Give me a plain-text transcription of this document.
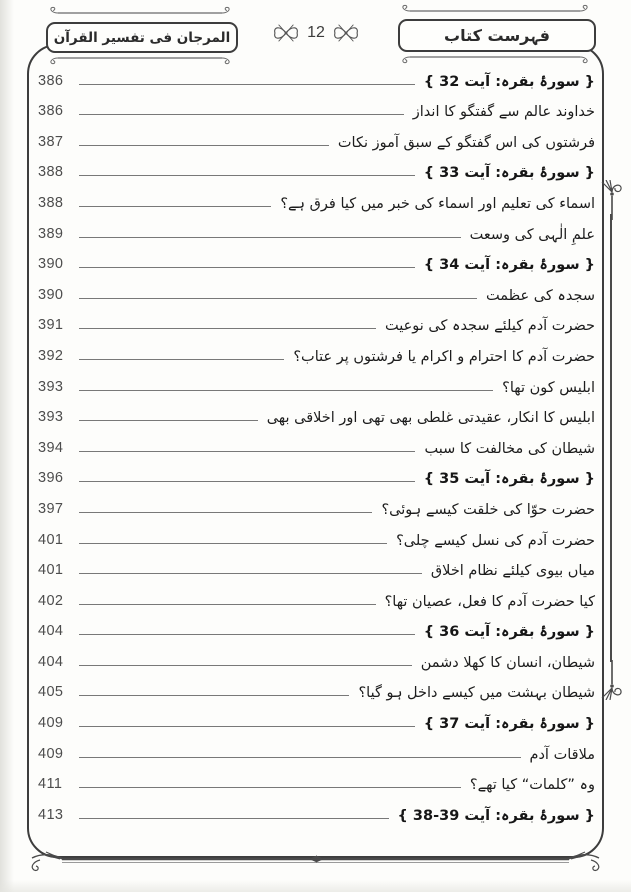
المرجان فی تفسیر القرآن	فہرست کتاب
12
386	{ سورۂ بقرہ: آیت 32 }
386	خداوند عالم سے گفتگو کا انداز
387	فرشتوں کی اس گفتگو کے سبق آموز نکات
388	{ سورۂ بقرہ: آیت 33 }
388	اسماء کی تعلیم اور اسماء کی خبر میں کیا فرق ہے؟
389	علمِ الٰہی کی وسعت
390	{ سورۂ بقرہ: آیت 34 }
390	سجدہ کی عظمت
391	حضرت آدم کیلئے سجدہ کی نوعیت
392	حضرت آدم کا احترام و اکرام یا فرشتوں پر عتاب؟
393	ابلیس کون تھا؟
393	ابلیس کا انکار، عقیدتی غلطی بھی تھی اور اخلاقی بھی
394	شیطان کی مخالفت کا سبب
396	{ سورۂ بقرہ: آیت 35 }
397	حضرت حوّا کی خلقت کیسے ہوئی؟
401	حضرت آدم کی نسل کیسے چلی؟
401	میاں بیوی کیلئے نظام اخلاق
402	کیا حضرت آدم کا فعل، عصیان تھا؟
404	{ سورۂ بقرہ: آیت 36 }
404	شیطان، انسان کا کھلا دشمن
405	شیطان بہشت میں کیسے داخل ہو گیا؟
409	{ سورۂ بقرہ: آیت 37 }
409	ملاقات آدم
411	وہ ”کلمات“ کیا تھے؟
413	{ سورۂ بقرہ: آیت 39-38 }
